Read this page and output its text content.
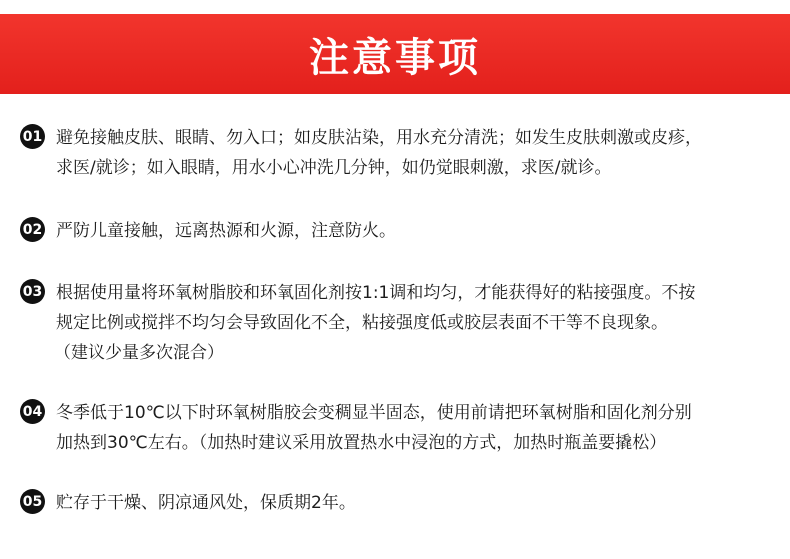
注意事项
01 避免接触皮肤、眼睛、勿入口；如皮肤沾染，用水充分清洗；如发生皮肤刺激或皮疹，
求医/就诊；如入眼睛，用水小心冲洗几分钟，如仍觉眼刺激，求医/就诊。
02 严防儿童接触，远离热源和火源，注意防火。
03 根据使用量将环氧树脂胶和环氧固化剂按1:1调和均匀，才能获得好的粘接强度。不按
规定比例或搅拌不均匀会导致固化不全，粘接强度低或胶层表面不干等不良现象。
（建议少量多次混合）
04 冬季低于10℃以下时环氧树脂胶会变稠显半固态，使用前请把环氧树脂和固化剂分别
加热到30℃左右。（加热时建议采用放置热水中浸泡的方式，加热时瓶盖要撬松）
05 贮存于干燥、阴凉通风处，保质期2年。
